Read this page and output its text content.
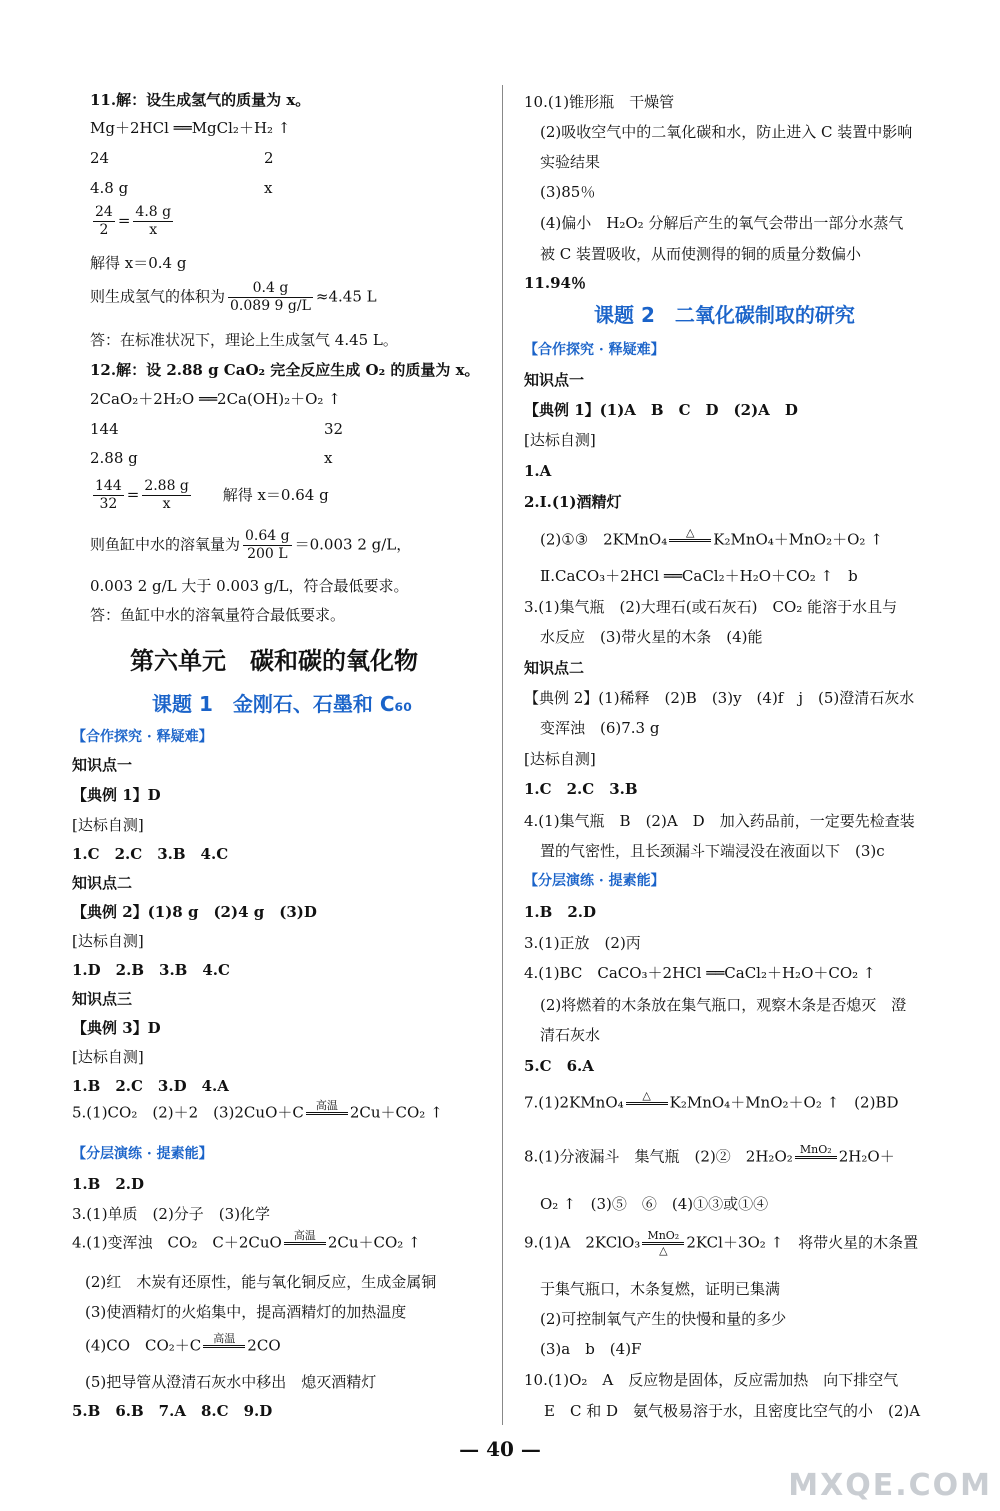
11.解：设生成氢气的质量为 x。
Mg＋2HCl ══MgCl₂＋H₂ ↑
24	2
4.8 g	x
$\frac{24}{2} = \frac{4.8 g}{x}$
解得 x＝0.4 g
则生成氢气的体积为 $\frac{0.4 g}{0.089 9 g/L} \approx 4.45$ L
答：在标准状况下，理论上生成氢气 4.45 L。
12.解：设 2.88 g CaO₂ 完全反应生成 O₂ 的质量为 x。
2CaO₂＋2H₂O ══2Ca(OH)₂＋O₂ ↑
144	32
2.88 g	x
$\frac{144}{32} = \frac{2.88 g}{x}$ 解得 x＝0.64 g
则鱼缸中水的溶氧量为 $\frac{0.64 g}{200 L} =0.003$ 2 g/L，
0.003 2 g/L 大于 0.003 g/L，符合最低要求。
答：鱼缸中水的溶氧量符合最低要求。
第六单元　碳和碳的氧化物
课题 1　金刚石、石墨和 C₆₀
【合作探究 · 释疑难】
知识点一
【典例 1】D
[达标自测]
1.C　2.C　3.B　4.C
知识点二
【典例 2】(1)8 g　(2)4 g　(3)D
[达标自测]
1.D　2.B　3.B　4.C
知识点三
【典例 3】D
[达标自测]
1.B　2.C　3.D　4.A
5.(1)CO₂　(2)＋2　(3)2CuO＋C	高温 2Cu＋CO₂ ↑
【分层演练 · 提素能】
1.B　2.D
3.(1)单质　(2)分子　(3)化学
4.(1)变浑浊　CO₂　C＋2CuO	高温 2Cu＋CO₂ ↑
(2)红　木炭有还原性，能与氧化铜反应，生成金属铜
(3)使酒精灯的火焰集中，提高酒精灯的加热温度
(4)CO　CO₂＋C	高温 2CO
(5)把导管从澄清石灰水中移出　熄灭酒精灯
5.B　6.B　7.A　8.C　9.D
10.(1)锥形瓶　干燥管
(2)吸收空气中的二氧化碳和水，防止进入 C 装置中影响
实验结果
(3)85％
(4)偏小　H₂O₂ 分解后产生的氧气会带出一部分水蒸气
被 C 装置吸收，从而使测得的铜的质量分数偏小
11.94％
课题 2　二氧化碳制取的研究
【合作探究 · 释疑难】
知识点一
【典例 1】(1)A　B　C　D　(2)A　D
[达标自测]
1.A
2.Ⅰ.(1)酒精灯
(2)①③　2KMnO₄	△	K₂MnO₄＋MnO₂＋O₂ ↑
Ⅱ.CaCO₃＋2HCl ══CaCl₂＋H₂O＋CO₂ ↑　b
3.(1)集气瓶　(2)大理石(或石灰石)　CO₂ 能溶于水且与
水反应　(3)带火星的木条　(4)能
知识点二
【典例 2】(1)稀释　(2)B　(3)y　(4)f　j　(5)澄清石灰水
变浑浊　(6)7.3 g
[达标自测]
1.C　2.C　3.B
4.(1)集气瓶　B　(2)A　D　加入药品前，一定要先检查装
置的气密性，且长颈漏斗下端浸没在液面以下　(3)c
【分层演练 · 提素能】
1.B　2.D
3.(1)正放　(2)丙
4.(1)BC　CaCO₃＋2HCl ══CaCl₂＋H₂O＋CO₂ ↑
(2)将燃着的木条放在集气瓶口，观察木条是否熄灭　澄
清石灰水
5.C　6.A
7.(1)2KMnO₄	△	K₂MnO₄＋MnO₂＋O₂ ↑　(2)BD
8.(1)分液漏斗　集气瓶　(2)②　2H₂O₂ MnO₂ 2H₂O＋
O₂ ↑　(3)⑤　⑥　(4)①③或①④
9.(1)A　2KClO₃ MnO₂
△	2KCl＋3O₂ ↑　将带火星的木条置
于集气瓶口，木条复燃，证明已集满
(2)可控制氧气产生的快慢和量的多少
(3)a　b　(4)F
10.(1)O₂　A　反应物是固体，反应需加热　向下排空气
E　C 和 D　氨气极易溶于水，且密度比空气的小　(2)A
— 40 —
MXQE.COM
